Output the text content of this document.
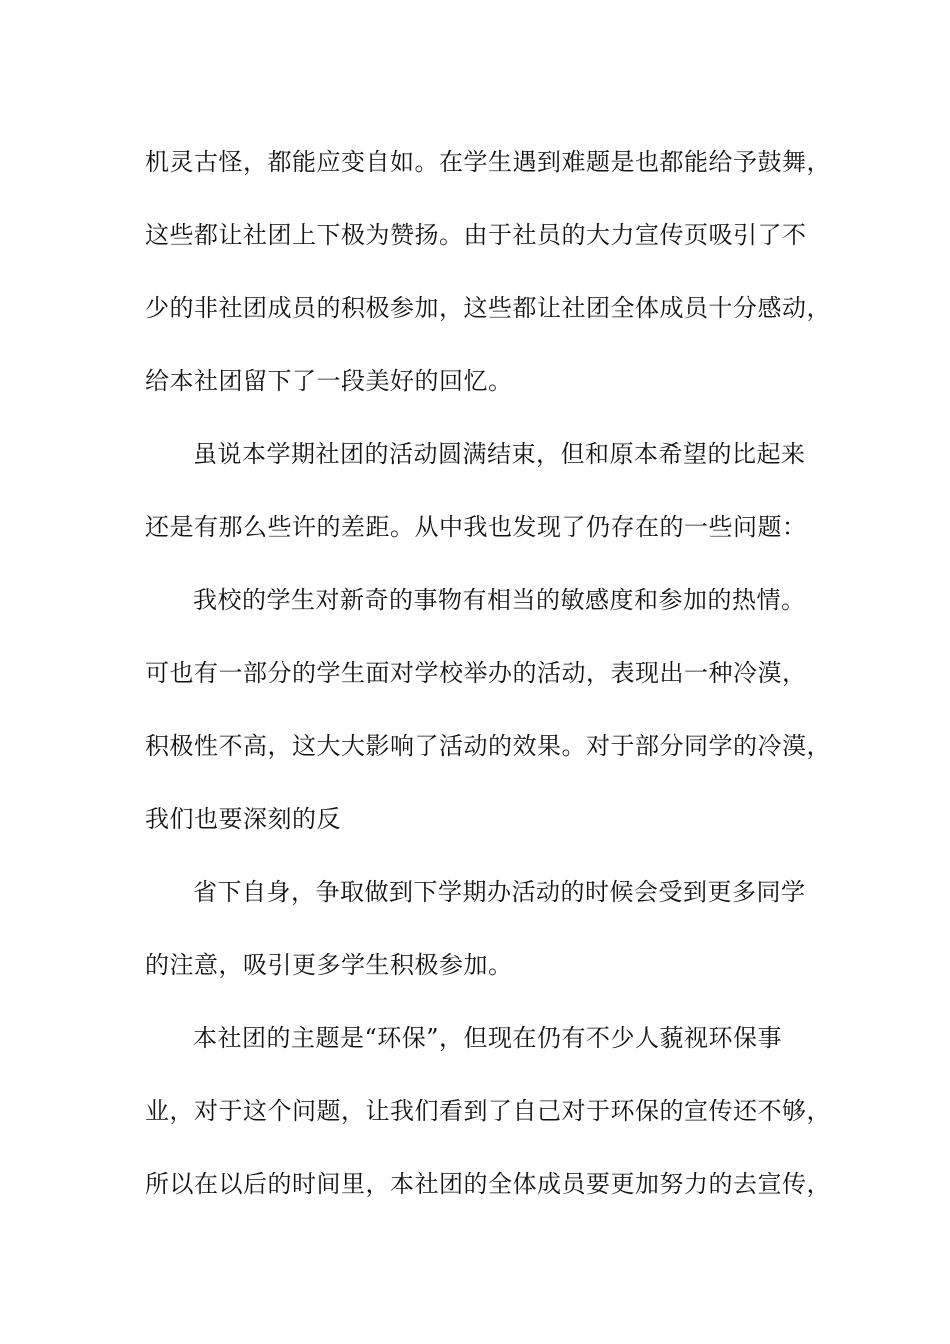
机灵古怪，都能应变自如。在学生遇到难题是也都能给予鼓舞，
这些都让社团上下极为赞扬。由于社员的大力宣传页吸引了不
少的非社团成员的积极参加，这些都让社团全体成员十分感动，
给本社团留下了一段美好的回忆。
虽说本学期社团的活动圆满结束，但和原本希望的比起来
还是有那么些许的差距。从中我也发现了仍存在的一些问题：
我校的学生对新奇的事物有相当的敏感度和参加的热情。
可也有一部分的学生面对学校举办的活动，表现出一种冷漠，
积极性不高，这大大影响了活动的效果。对于部分同学的冷漠，
我们也要深刻的反
省下自身，争取做到下学期办活动的时候会受到更多同学
的注意，吸引更多学生积极参加。
本社团的主题是“环保”，但现在仍有不少人藐视环保事
业，对于这个问题，让我们看到了自己对于环保的宣传还不够，
所以在以后的时间里，本社团的全体成员要更加努力的去宣传，
